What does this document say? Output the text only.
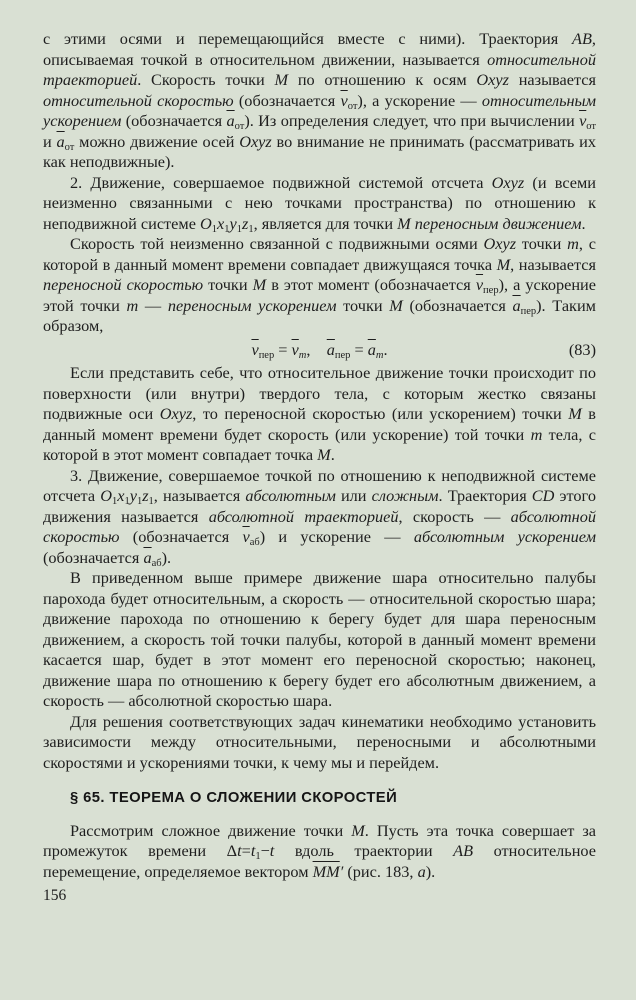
с этими осями и перемещающийся вместе с ними). Траектория AB, описываемая точкой в относительном движении, называется относительной траекторией. Скорость точки M по отношению к осям Oxyz называется относительной скоростью (обозначается $\overline{v}_{от}$), а ускорение — относительным ускорением (обозначается $\overline{a}_{от}$). Из определения следует, что при вычислении $\overline{v}_{от}$ и $\overline{a}_{от}$ можно движение осей Oxyz во внимание не принимать (рассматривать их как неподвижные).

2. Движение, совершаемое подвижной системой отсчета Oxyz (и всеми неизменно связанными с нею точками пространства) по отношению к неподвижной системе $O_1x_1y_1z_1$, является для точки M переносным движением.

Скорость той неизменно связанной с подвижными осями Oxyz точки m, с которой в данный момент времени совпадает движущаяся точка M, называется переносной скоростью точки M в этот момент (обозначается $\overline{v}_{пер}$), а ускорение этой точки m — переносным ускорением точки M (обозначается $\overline{a}_{пер}$). Таким образом,

$\overline{v}_{пер} = \overline{v}_m$,    $\overline{a}_{пер} = \overline{a}_m$.	(83)

Если представить себе, что относительное движение точки происходит по поверхности (или внутри) твердого тела, с которым жестко связаны подвижные оси Oxyz, то переносной скоростью (или ускорением) точки M в данный момент времени будет скорость (или ускорение) той точки m тела, с которой в этот момент совпадает точка M.

3. Движение, совершаемое точкой по отношению к неподвижной системе отсчета $O_1x_1y_1z_1$, называется абсолютным или сложным. Траектория CD этого движения называется абсолютной траекторией, скорость — абсолютной скоростью (обозначается $\overline{v}_{аб}$) и ускорение — абсолютным ускорением (обозначается $\overline{a}_{аб}$).

В приведенном выше примере движение шара относительно палубы парохода будет относительным, а скорость — относительной скоростью шара; движение парохода по отношению к берегу будет для шара переносным движением, а скорость той точки палубы, которой в данный момент времени касается шар, будет в этот момент его переносной скоростью; наконец, движение шара по отношению к берегу будет его абсолютным движением, а скорость — абсолютной скоростью шара.

Для решения соответствующих задач кинематики необходимо установить зависимости между относительными, переносными и абсолютными скоростями и ускорениями точки, к чему мы и перейдем.

§ 65. ТЕОРЕМА О СЛОЖЕНИИ СКОРОСТЕЙ

Рассмотрим сложное движение точки M. Пусть эта точка совершает за промежуток времени $\Delta t=t_1-t$ вдоль траектории AB относительное перемещение, определяемое вектором $\overline{MM}'$ (рис. 183, а).

156
